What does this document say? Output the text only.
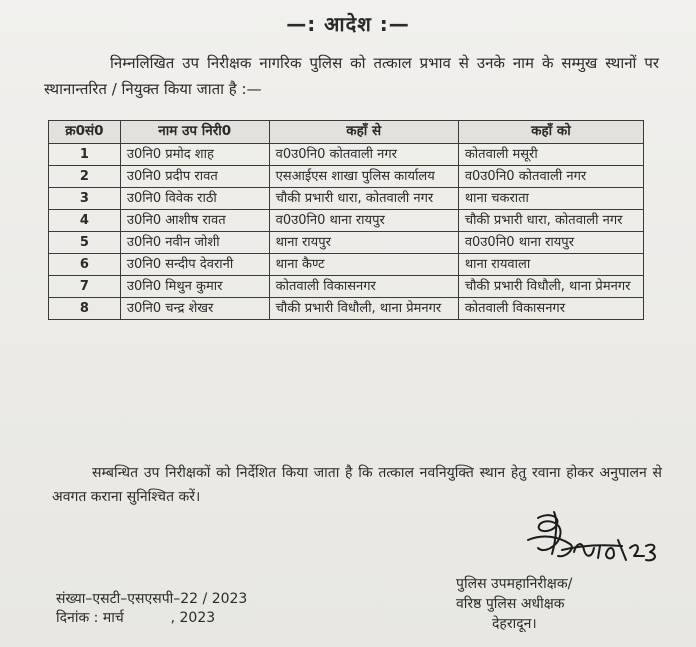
—: आदेश :—
निम्नलिखित उप निरीक्षक नागरिक पुलिस को तत्काल प्रभाव से उनके नाम के सम्मुख स्थानों पर स्थानान्तरित / नियुक्त किया जाता है :—
क्र0सं0	नाम उप निरी0	कहाँ से	कहाँ को
1	उ0नि0 प्रमोद शाह	व0उ0नि0 कोतवाली नगर	कोतवाली मसूरी
2	उ0नि0 प्रदीप रावत	एसआईएस शाखा पुलिस कार्यालय	व0उ0नि0 कोतवाली नगर
3	उ0नि0 विवेक राठी	चौकी प्रभारी धारा, कोतवाली नगर	थाना चकराता
4	उ0नि0 आशीष रावत	व0उ0नि0 थाना रायपुर	चौकी प्रभारी धारा, कोतवाली नगर
5	उ0नि0 नवीन जोशी	थाना रायपुर	व0उ0नि0 थाना रायपुर
6	उ0नि0 सन्दीप देवरानी	थाना कैण्ट	थाना रायवाला
7	उ0नि0 मिथुन कुमार	कोतवाली विकासनगर	चौकी प्रभारी विधौली, थाना प्रेमनगर
8	उ0नि0 चन्द्र शेखर	चौकी प्रभारी विधौली, थाना प्रेमनगर	कोतवाली विकासनगर
सम्बन्धित उप निरीक्षकों को निर्देशित किया जाता है कि तत्काल नवनियुक्ति स्थान हेतु रवाना होकर अनुपालन से अवगत कराना सुनिश्चित करें।
पुलिस उपमहानिरीक्षक/
वरिष्ठ पुलिस अधीक्षक
देहरादून।
संख्या–एसटी–एसएसपी–22 / 2023
दिनांक : मार्च	, 2023
